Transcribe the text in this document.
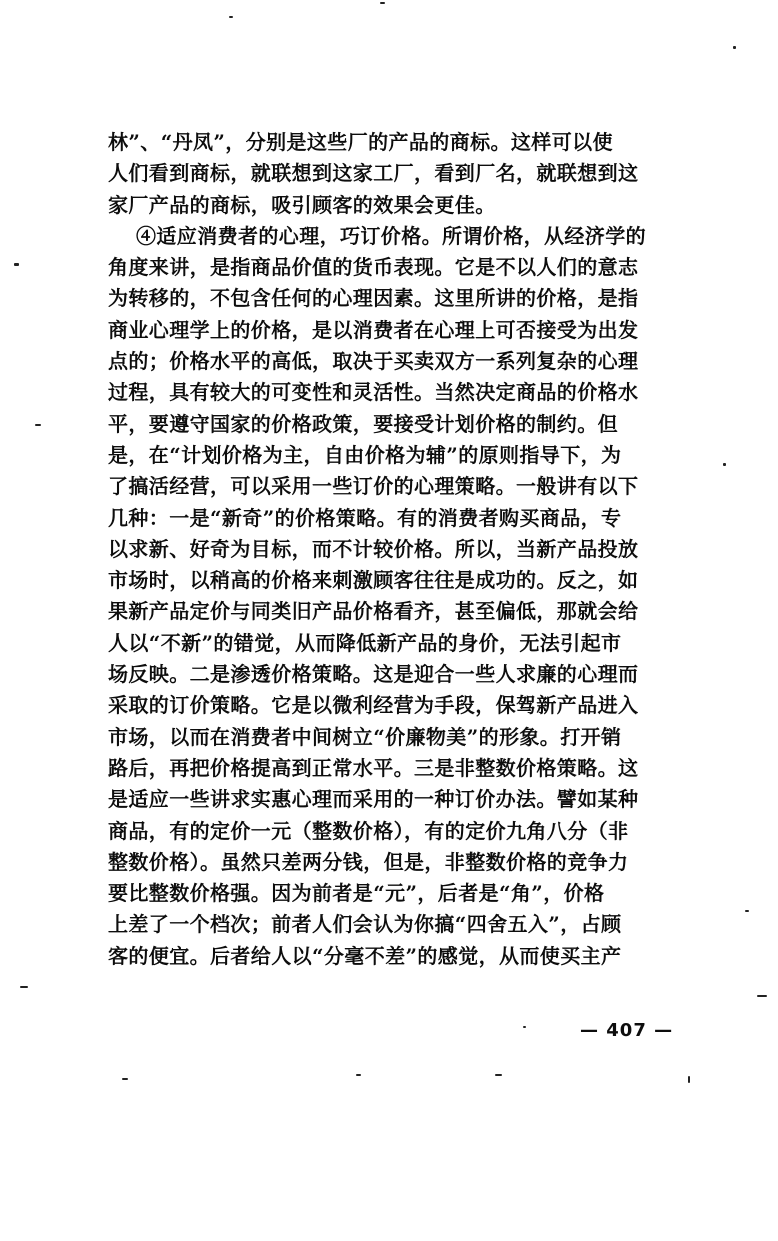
林”、“丹凤”，分别是这些厂的产品的商标。这样可以使
人们看到商标，就联想到这家工厂，看到厂名，就联想到这
家厂产品的商标，吸引顾客的效果会更佳。
④适应消费者的心理，巧订价格。所谓价格，从经济学的
角度来讲，是指商品价值的货币表现。它是不以人们的意志
为转移的，不包含任何的心理因素。这里所讲的价格，是指
商业心理学上的价格，是以消费者在心理上可否接受为出发
点的；价格水平的高低，取决于买卖双方一系列复杂的心理
过程，具有较大的可变性和灵活性。当然决定商品的价格水
平，要遵守国家的价格政策，要接受计划价格的制约。但
是，在“计划价格为主，自由价格为辅”的原则指导下，为
了搞活经营，可以采用一些订价的心理策略。一般讲有以下
几种：一是“新奇”的价格策略。有的消费者购买商品，专
以求新、好奇为目标，而不计较价格。所以，当新产品投放
市场时，以稍高的价格来刺激顾客往往是成功的。反之，如
果新产品定价与同类旧产品价格看齐，甚至偏低，那就会给
人以“不新”的错觉，从而降低新产品的身价，无法引起市
场反映。二是渗透价格策略。这是迎合一些人求廉的心理而
采取的订价策略。它是以微利经营为手段，保驾新产品进入
市场，以而在消费者中间树立“价廉物美”的形象。打开销
路后，再把价格提高到正常水平。三是非整数价格策略。这
是适应一些讲求实惠心理而采用的一种订价办法。譬如某种
商品，有的定价一元（整数价格），有的定价九角八分（非
整数价格）。虽然只差两分钱，但是，非整数价格的竞争力
要比整数价格强。因为前者是“元”，后者是“角”，价格
上差了一个档次；前者人们会认为你搞“四舍五入”，占顾
客的便宜。后者给人以“分毫不差”的感觉，从而使买主产
— 407 —
